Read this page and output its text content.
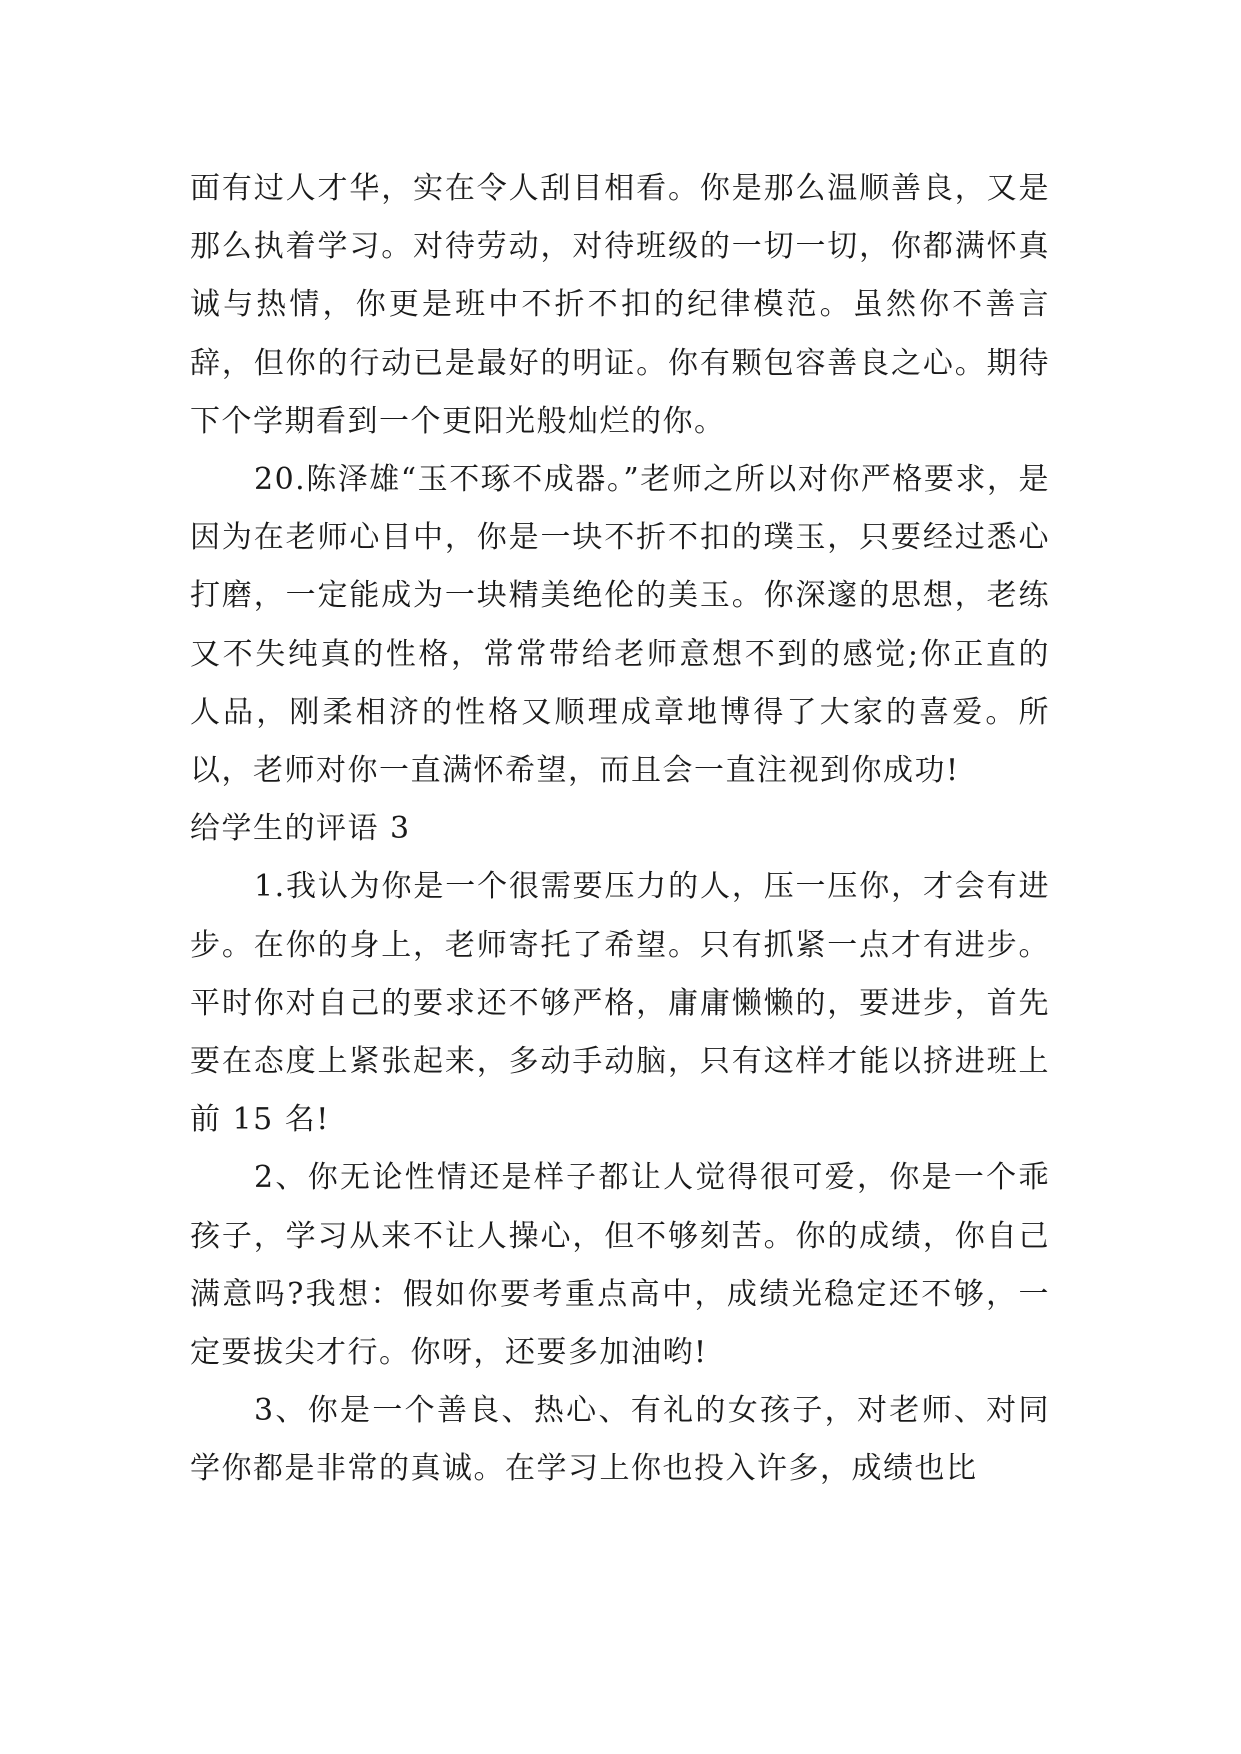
面有过人才华，实在令人刮目相看。你是那么温顺善良，又是那么执着学习。对待劳动，对待班级的一切一切，你都满怀真诚与热情，你更是班中不折不扣的纪律模范。虽然你不善言辞，但你的行动已是最好的明证。你有颗包容善良之心。期待下个学期看到一个更阳光般灿烂的你。

20.陈泽雄“玉不琢不成器。”老师之所以对你严格要求，是因为在老师心目中，你是一块不折不扣的璞玉，只要经过悉心打磨，一定能成为一块精美绝伦的美玉。你深邃的思想，老练又不失纯真的性格，常常带给老师意想不到的感觉;你正直的人品，刚柔相济的性格又顺理成章地博得了大家的喜爱。所以，老师对你一直满怀希望，而且会一直注视到你成功!

给学生的评语 3

1.我认为你是一个很需要压力的人，压一压你，才会有进步。在你的身上，老师寄托了希望。只有抓紧一点才有进步。平时你对自己的要求还不够严格，庸庸懒懒的，要进步，首先要在态度上紧张起来，多动手动脑，只有这样才能以挤进班上前 15 名!

2、你无论性情还是样子都让人觉得很可爱，你是一个乖孩子，学习从来不让人操心，但不够刻苦。你的成绩，你自己满意吗?我想：假如你要考重点高中，成绩光稳定还不够，一定要拔尖才行。你呀，还要多加油哟!

3、你是一个善良、热心、有礼的女孩子，对老师、对同学你都是非常的真诚。在学习上你也投入许多，成绩也比
